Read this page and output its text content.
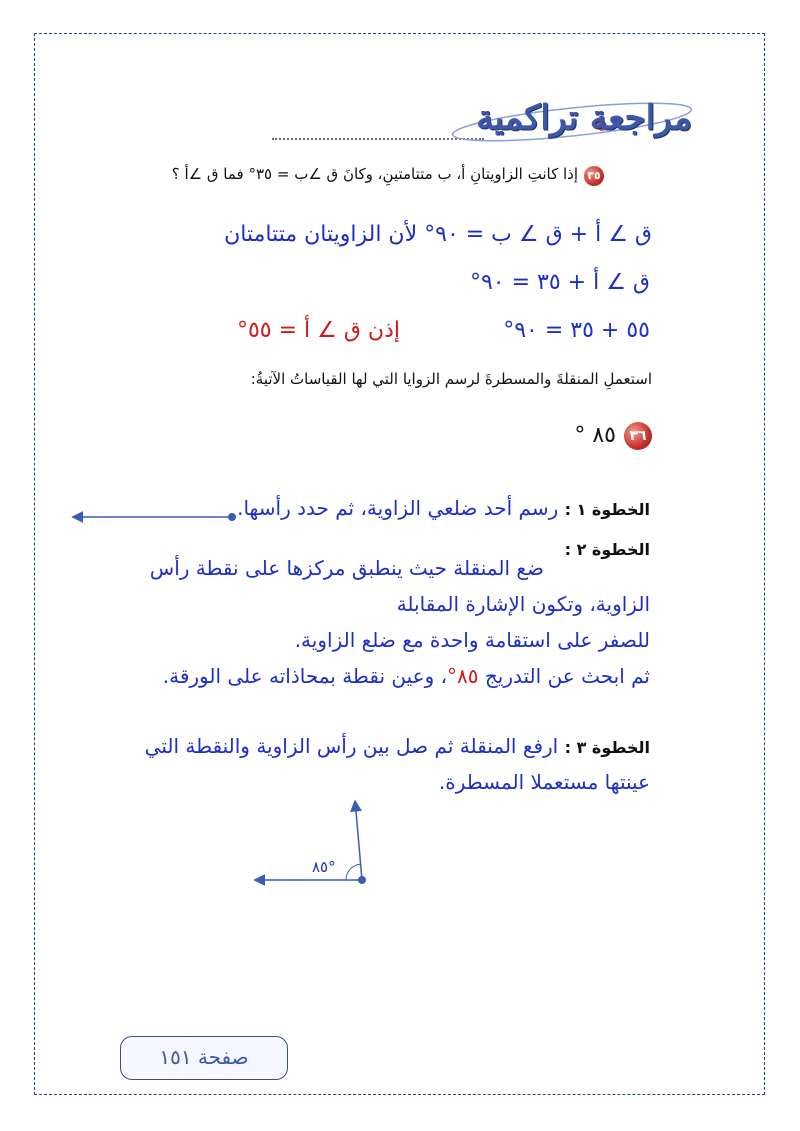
مراجعة تراكمية
٣٥إذا كانتِ الزاويتانِ أ، ب متتامتينِ، وكانَ ق ∠ب = ٣٥° فما ق ∠أ ؟
ق ∠ أ + ق ∠ ب = ٩٠° لأن الزاويتان متتامتان
ق ∠ أ + ٣٥ = ٩٠°
٥٥ + ٣٥ = ٩٠°
إذن ق ∠ أ = ٥٥°
استعملِ المنقلةَ والمسطرةَ لرسم الزوايا التي لها القياساتُ الآتيةُ:
٣٦٨٥ °
الخطوة ١ : رسم أحد ضلعي الزاوية، ثم حدد رأسها.
الخطوة ٢ :
ضع المنقلة حيث ينطبق مركزها على نقطة رأس
الزاوية، وتكون الإشارة المقابلة
للصفر على استقامة واحدة مع ضلع الزاوية.
ثم ابحث عن التدريج ٨٥°، وعين نقطة بمحاذاته على الورقة.
الخطوة ٣ : ارفع المنقلة ثم صل بين رأس الزاوية والنقطة التي
عينتها مستعملا المسطرة.
٨٥°
صفحة ١٥١
